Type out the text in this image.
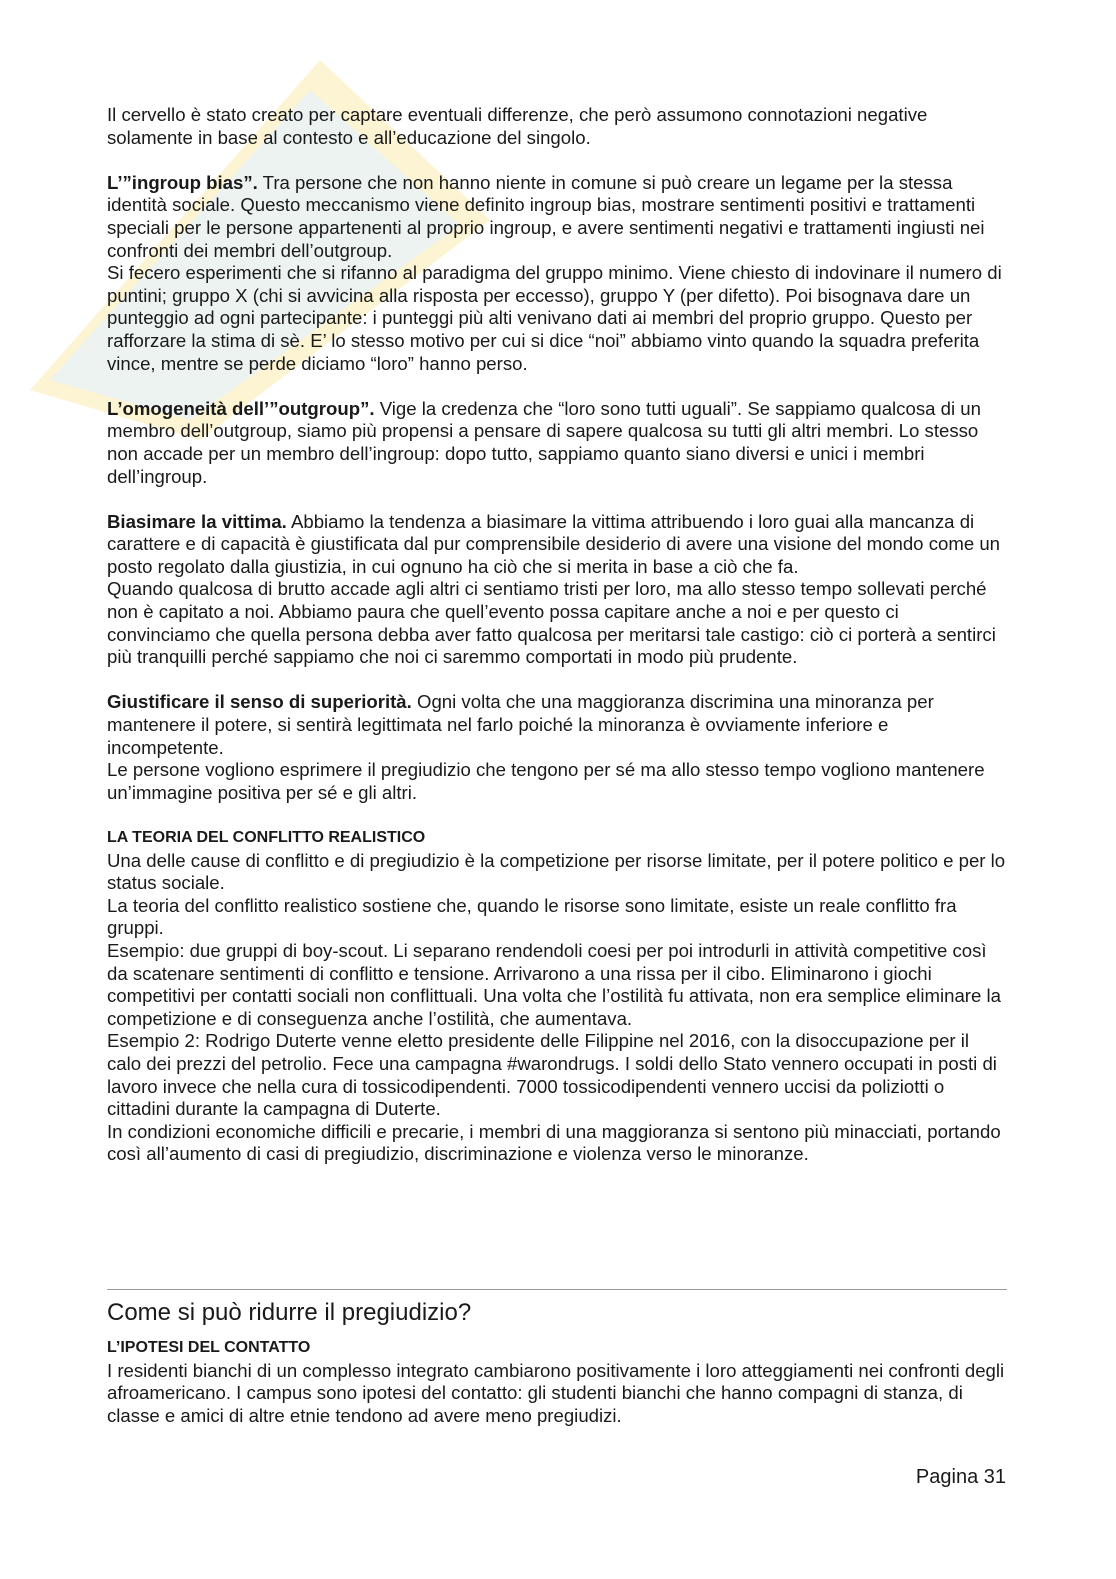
Il cervello è stato creato per captare eventuali differenze, che però assumono connotazioni negative solamente in base al contesto e all’educazione del singolo.

L’”ingroup bias”. Tra persone che non hanno niente in comune si può creare un legame per la stessa identità sociale. Questo meccanismo viene definito ingroup bias, mostrare sentimenti positivi e trattamenti speciali per le persone appartenenti al proprio ingroup, e avere sentimenti negativi e trattamenti ingiusti nei confronti dei membri dell’outgroup.

Si fecero esperimenti che si rifanno al paradigma del gruppo minimo. Viene chiesto di indovinare il numero di puntini; gruppo X (chi si avvicina alla risposta per eccesso), gruppo Y (per difetto). Poi bisognava dare un punteggio ad ogni partecipante: i punteggi più alti venivano dati ai membri del proprio gruppo. Questo per rafforzare la stima di sè. E’ lo stesso motivo per cui si dice “noi” abbiamo vinto quando la squadra preferita vince, mentre se perde diciamo “loro” hanno perso.

L’omogeneità dell’”outgroup”. Vige la credenza che “loro sono tutti uguali”. Se sappiamo qualcosa di un membro dell’outgroup, siamo più propensi a pensare di sapere qualcosa su tutti gli altri membri. Lo stesso non accade per un membro dell’ingroup: dopo tutto, sappiamo quanto siano diversi e unici i membri dell’ingroup.

Biasimare la vittima. Abbiamo la tendenza a biasimare la vittima attribuendo i loro guai alla mancanza di carattere e di capacità è giustificata dal pur comprensibile desiderio di avere una visione del mondo come un posto regolato dalla giustizia, in cui ognuno ha ciò che si merita in base a ciò che fa.

Quando qualcosa di brutto accade agli altri ci sentiamo tristi per loro, ma allo stesso tempo sollevati perché non è capitato a noi. Abbiamo paura che quell’evento possa capitare anche a noi e per questo ci convinciamo che quella persona debba aver fatto qualcosa per meritarsi tale castigo: ciò ci porterà a sentirci più tranquilli perché sappiamo che noi ci saremmo comportati in modo più prudente.

Giustificare il senso di superiorità. Ogni volta che una maggioranza discrimina una minoranza per mantenere il potere, si sentirà legittimata nel farlo poiché la minoranza è ovviamente inferiore e incompetente.

Le persone vogliono esprimere il pregiudizio che tengono per sé ma allo stesso tempo vogliono mantenere un’immagine positiva per sé e gli altri.

LA TEORIA DEL CONFLITTO REALISTICO

Una delle cause di conflitto e di pregiudizio è la competizione per risorse limitate, per il potere politico e per lo status sociale.

La teoria del conflitto realistico sostiene che, quando le risorse sono limitate, esiste un reale conflitto fra gruppi.

Esempio: due gruppi di boy-scout. Li separano rendendoli coesi per poi introdurli in attività competitive così da scatenare sentimenti di conflitto e tensione. Arrivarono a una rissa per il cibo. Eliminarono i giochi competitivi per contatti sociali non conflittuali. Una volta che l’ostilità fu attivata, non era semplice eliminare la competizione e di conseguenza anche l’ostilità, che aumentava.

Esempio 2: Rodrigo Duterte venne eletto presidente delle Filippine nel 2016, con la disoccupazione per il calo dei prezzi del petrolio. Fece una campagna #warondrugs. I soldi dello Stato vennero occupati in posti di lavoro invece che nella cura di tossicodipendenti. 7000 tossicodipendenti vennero uccisi da poliziotti o cittadini durante la campagna di Duterte.

In condizioni economiche difficili e precarie, i membri di una maggioranza si sentono più minacciati, portando così all’aumento di casi di pregiudizio, discriminazione e violenza verso le minoranze.

Come si può ridurre il pregiudizio?

L’IPOTESI DEL CONTATTO

I residenti bianchi di un complesso integrato cambiarono positivamente i loro atteggiamenti nei confronti degli afroamericano. I campus sono ipotesi del contatto: gli studenti bianchi che hanno compagni di stanza, di classe e amici di altre etnie tendono ad avere meno pregiudizi.

Pagina 31
